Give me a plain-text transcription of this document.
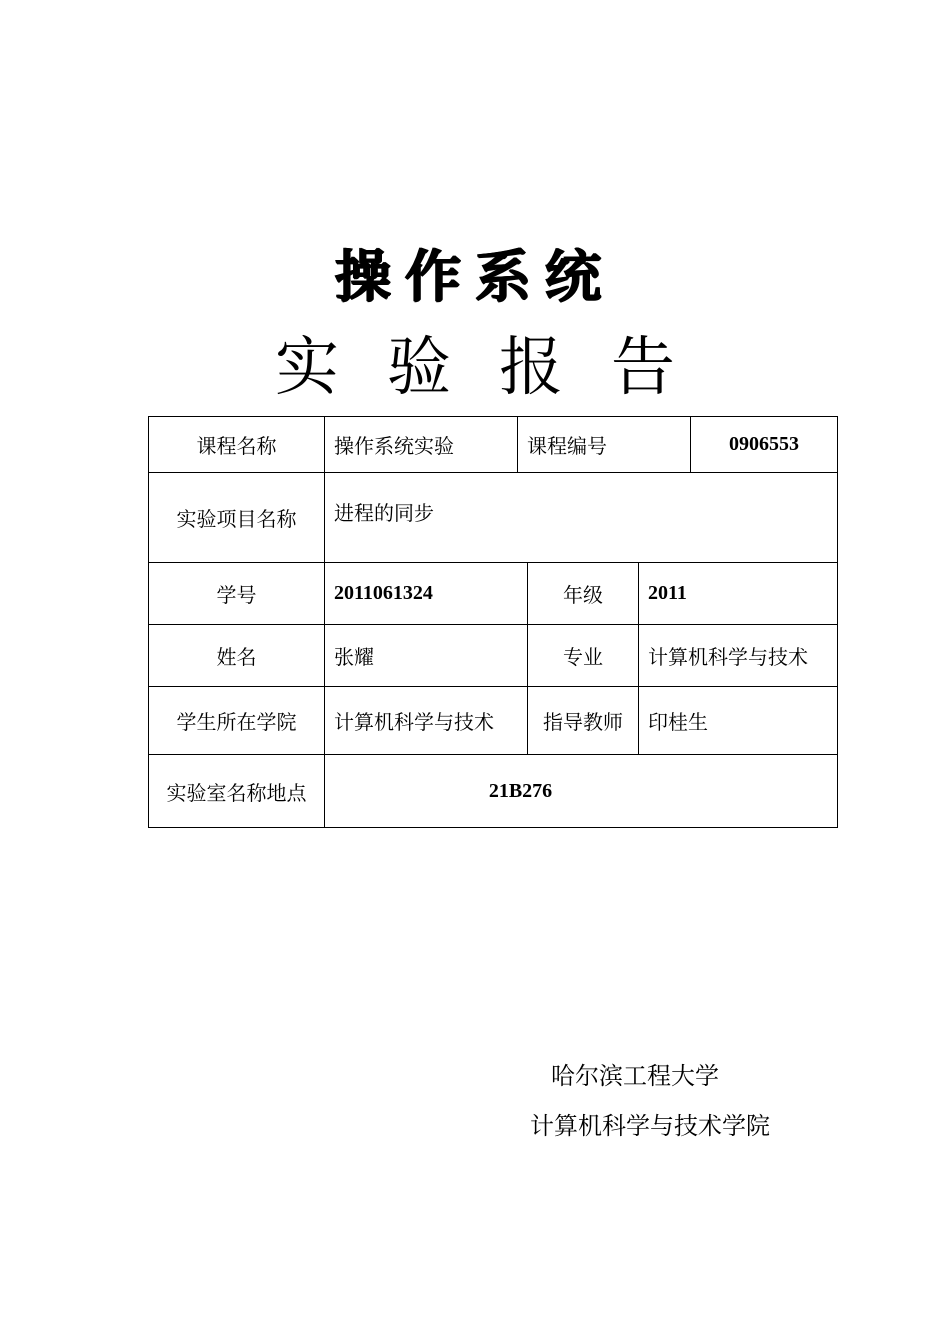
操作系统
实验报告
课程名称	操作系统实验	课程编号			0906553
实验项目名称	进程的同步				
学号	2011061324		年级	2011	
姓名	张耀		专业	计算机科学与技术	
学生所在学院	计算机科学与技术		指导教师	印桂生	
实验室名称地点	21B276				
哈尔滨工程大学
计算机科学与技术学院
